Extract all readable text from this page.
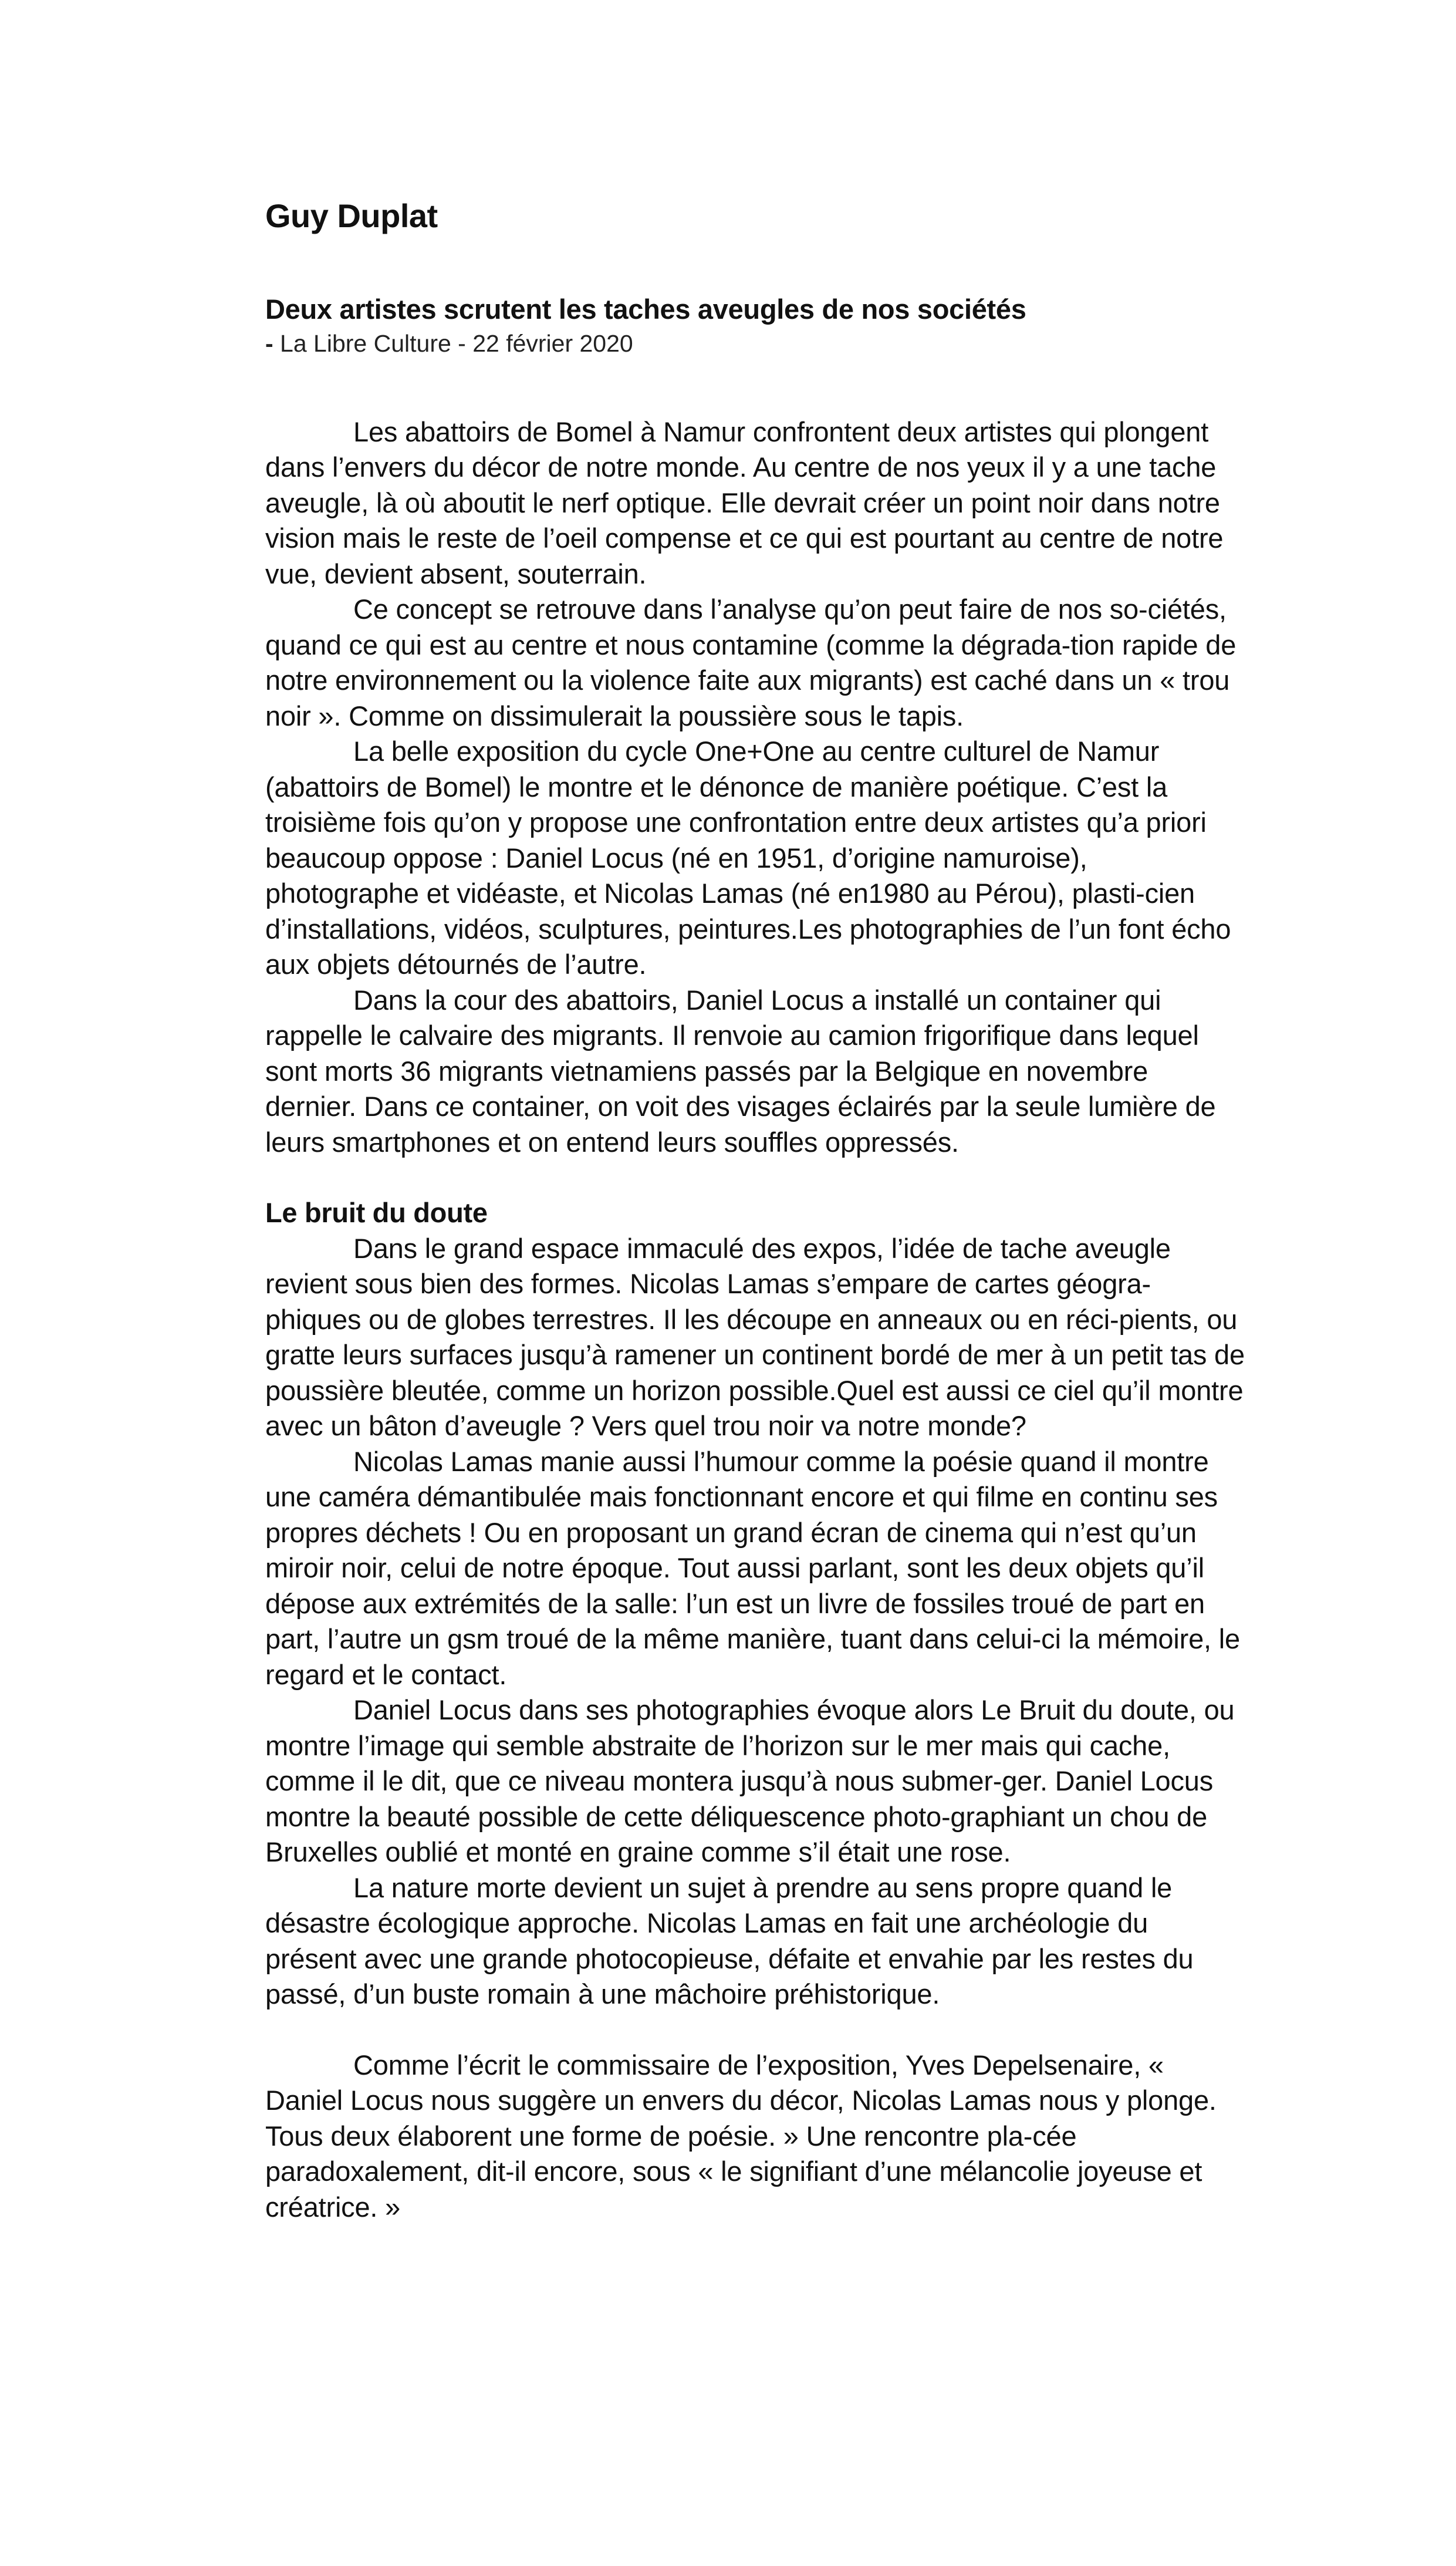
Guy Duplat
Deux artistes scrutent les taches aveugles de nos sociétés
- La Libre Culture - 22 février 2020

Les abattoirs de Bomel à Namur confrontent deux artistes qui plongent dans l’envers du décor de notre monde. Au centre de nos yeux il y a une tache aveugle, là où aboutit le nerf optique. Elle devrait créer un point noir dans notre vision mais le reste de l’oeil compense et ce qui est pourtant au centre de notre vue, devient absent, souterrain.

Ce concept se retrouve dans l’analyse qu’on peut faire de nos so-ciétés, quand ce qui est au centre et nous contamine (comme la dégrada-tion rapide de notre environnement ou la violence faite aux migrants) est caché dans un « trou noir ». Comme on dissimulerait la poussière sous le tapis.

La belle exposition du cycle One+One au centre culturel de Namur (abattoirs de Bomel) le montre et le dénonce de manière poétique. C’est la troisième fois qu’on y propose une confrontation entre deux artistes qu’a priori beaucoup oppose : Daniel Locus (né en 1951, d’origine namuroise), photographe et vidéaste, et Nicolas Lamas (né en1980 au Pérou), plasti-cien d’installations, vidéos, sculptures, peintures.Les photographies de l’un font écho aux objets détournés de l’autre.

Dans la cour des abattoirs, Daniel Locus a installé un container qui rappelle le calvaire des migrants. Il renvoie au camion frigorifique dans lequel sont morts 36 migrants vietnamiens passés par la Belgique en novembre dernier. Dans ce container, on voit des visages éclairés par la seule lumière de leurs smartphones et on entend leurs souffles oppressés.

Le bruit du doute

Dans le grand espace immaculé des expos, l’idée de tache aveugle revient sous bien des formes. Nicolas Lamas s’empare de cartes géogra-phiques ou de globes terrestres. Il les découpe en anneaux ou en réci-pients, ou gratte leurs surfaces jusqu’à ramener un continent bordé de mer à un petit tas de poussière bleutée, comme un horizon possible.Quel est aussi ce ciel qu’il montre avec un bâton d’aveugle ? Vers quel trou noir va notre monde?

Nicolas Lamas manie aussi l’humour comme la poésie quand il montre une caméra démantibulée mais fonctionnant encore et qui filme en continu ses propres déchets ! Ou en proposant un grand écran de cinema qui n’est qu’un miroir noir, celui de notre époque. Tout aussi parlant, sont les deux objets qu’il dépose aux extrémités de la salle: l’un est un livre de fossiles troué de part en part, l’autre un gsm troué de la même manière, tuant dans celui-ci la mémoire, le regard et le contact.

Daniel Locus dans ses photographies évoque alors Le Bruit du doute, ou montre l’image qui semble abstraite de l’horizon sur le mer mais qui cache, comme il le dit, que ce niveau montera jusqu’à nous submer-ger. Daniel Locus montre la beauté possible de cette déliquescence photo-graphiant un chou de Bruxelles oublié et monté en graine comme s’il était une rose.

La nature morte devient un sujet à prendre au sens propre quand le désastre écologique approche. Nicolas Lamas en fait une archéologie du présent avec une grande photocopieuse, défaite et envahie par les restes du passé, d’un buste romain à une mâchoire préhistorique.

Comme l’écrit le commissaire de l’exposition, Yves Depelsenaire, « Daniel Locus nous suggère un envers du décor, Nicolas Lamas nous y plonge. Tous deux élaborent une forme de poésie. » Une rencontre pla-cée paradoxalement, dit-il encore, sous « le signifiant d’une mélancolie joyeuse et créatrice. »
